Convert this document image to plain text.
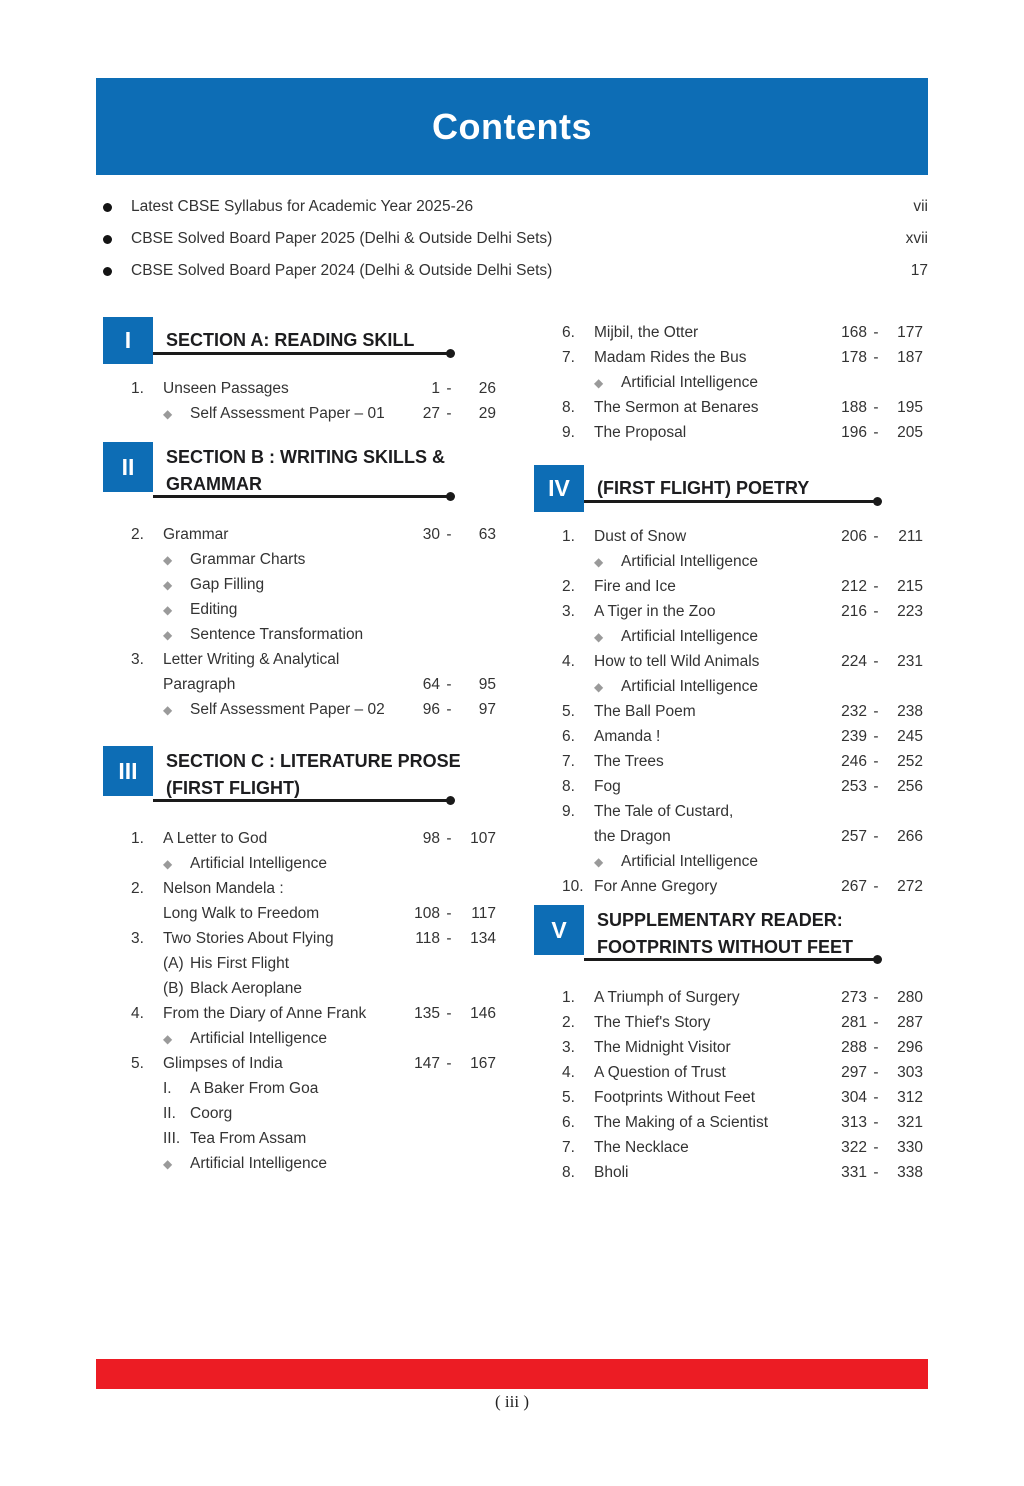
Contents
Latest CBSE Syllabus for Academic Year 2025-26	vii
CBSE Solved Board Paper 2025 (Delhi & Outside Delhi Sets)	xvii
CBSE Solved Board Paper 2024 (Delhi & Outside Delhi Sets)	17
I	SECTION A: READING SKILL
1.	Unseen Passages	1 -	26
◆	Self Assessment Paper – 01	27 -	29
II	SECTION B : WRITING SKILLS &
GRAMMAR
2.	Grammar	30 -	63
◆	Grammar Charts
◆	Gap Filling
◆	Editing
◆	Sentence Transformation
3.	Letter Writing & Analytical
Paragraph	64 -	95
◆	Self Assessment Paper – 02	96 -	97
III	SECTION C : LITERATURE PROSE
(FIRST FLIGHT)
1.	A Letter to God	98 -	107
◆	Artificial Intelligence
2.	Nelson Mandela :
Long Walk to Freedom	108 -	117
3.	Two Stories About Flying	118 -	134
(A) His First Flight
(B) Black Aeroplane
4.	From the Diary of Anne Frank	135 -	146
◆	Artificial Intelligence
5.	Glimpses of India	147 -	167
I.	A Baker From Goa
II. Coorg
III. Tea From Assam
◆	Artificial Intelligence
6.	Mijbil, the Otter	168 -	177
7.	Madam Rides the Bus	178 -	187
◆	Artificial Intelligence
8.	The Sermon at Benares	188 -	195
9.	The Proposal	196 -	205
IV	(FIRST FLIGHT) POETRY
1.	Dust of Snow	206 -	211
◆	Artificial Intelligence
2.	Fire and Ice	212 -	215
3.	A Tiger in the Zoo	216 -	223
◆	Artificial Intelligence
4.	How to tell Wild Animals	224 -	231
◆	Artificial Intelligence
5.	The Ball Poem	232 -	238
6.	Amanda !	239 -	245
7.	The Trees	246 -	252
8.	Fog	253 -	256
9.	The Tale of Custard,
the Dragon	257 -	266
◆	Artificial Intelligence
10. For Anne Gregory	267 -	272
V	SUPPLEMENTARY READER:
FOOTPRINTS WITHOUT FEET
1.	A Triumph of Surgery	273 -	280
2.	The Thief's Story	281 -	287
3.	The Midnight Visitor	288 -	296
4.	A Question of Trust	297 -	303
5.	Footprints Without Feet	304 -	312
6.	The Making of a Scientist	313 -	321
7.	The Necklace	322 -	330
8.	Bholi	331 -	338
( iii )
